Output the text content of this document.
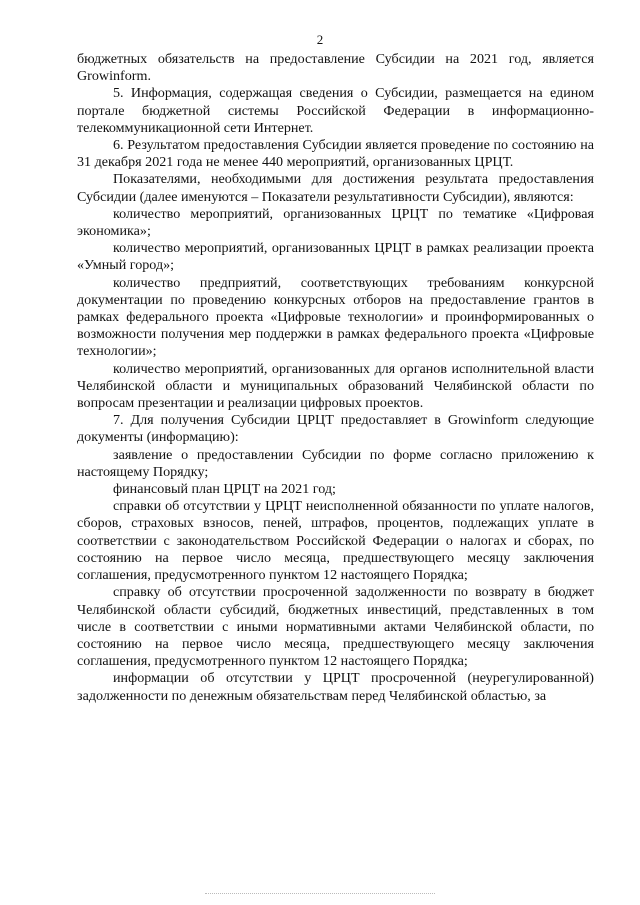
2

бюджетных обязательств на предоставление Субсидии на 2021 год, является Growinform.

5. Информация, содержащая сведения о Субсидии, размещается на едином портале бюджетной системы Российской Федерации в информационно-телекоммуникационной сети Интернет.

6. Результатом предоставления Субсидии является проведение по состоянию на 31 декабря 2021 года не менее 440 мероприятий, организованных ЦРЦТ.

Показателями, необходимыми для достижения результата предоставления Субсидии (далее именуются – Показатели результативности Субсидии), являются:

количество мероприятий, организованных ЦРЦТ по тематике «Цифровая экономика»;

количество мероприятий, организованных ЦРЦТ в рамках реализации проекта «Умный город»;

количество предприятий, соответствующих требованиям конкурсной документации по проведению конкурсных отборов на предоставление грантов в рамках федерального проекта «Цифровые технологии» и проинформированных о возможности получения мер поддержки в рамках федерального проекта «Цифровые технологии»;

количество мероприятий, организованных для органов исполнительной власти Челябинской области и муниципальных образований Челябинской области по вопросам презентации и реализации цифровых проектов.

7. Для получения Субсидии ЦРЦТ предоставляет в Growinform следующие документы (информацию):

заявление о предоставлении Субсидии по форме согласно приложению к настоящему Порядку;

финансовый план ЦРЦТ на 2021 год;

справки об отсутствии у ЦРЦТ неисполненной обязанности по уплате налогов, сборов, страховых взносов, пеней, штрафов, процентов, подлежащих уплате в соответствии с законодательством Российской Федерации о налогах и сборах, по состоянию на первое число месяца, предшествующего месяцу заключения соглашения, предусмотренного пунктом 12 настоящего Порядка;

справку об отсутствии просроченной задолженности по возврату в бюджет Челябинской области субсидий, бюджетных инвестиций, представленных в том числе в соответствии с иными нормативными актами Челябинской области, по состоянию на первое число месяца, предшествующего месяцу заключения соглашения, предусмотренного пунктом 12 настоящего Порядка;

информации об отсутствии у ЦРЦТ просроченной (неурегулированной) задолженности по денежным обязательствам перед Челябинской областью, за
